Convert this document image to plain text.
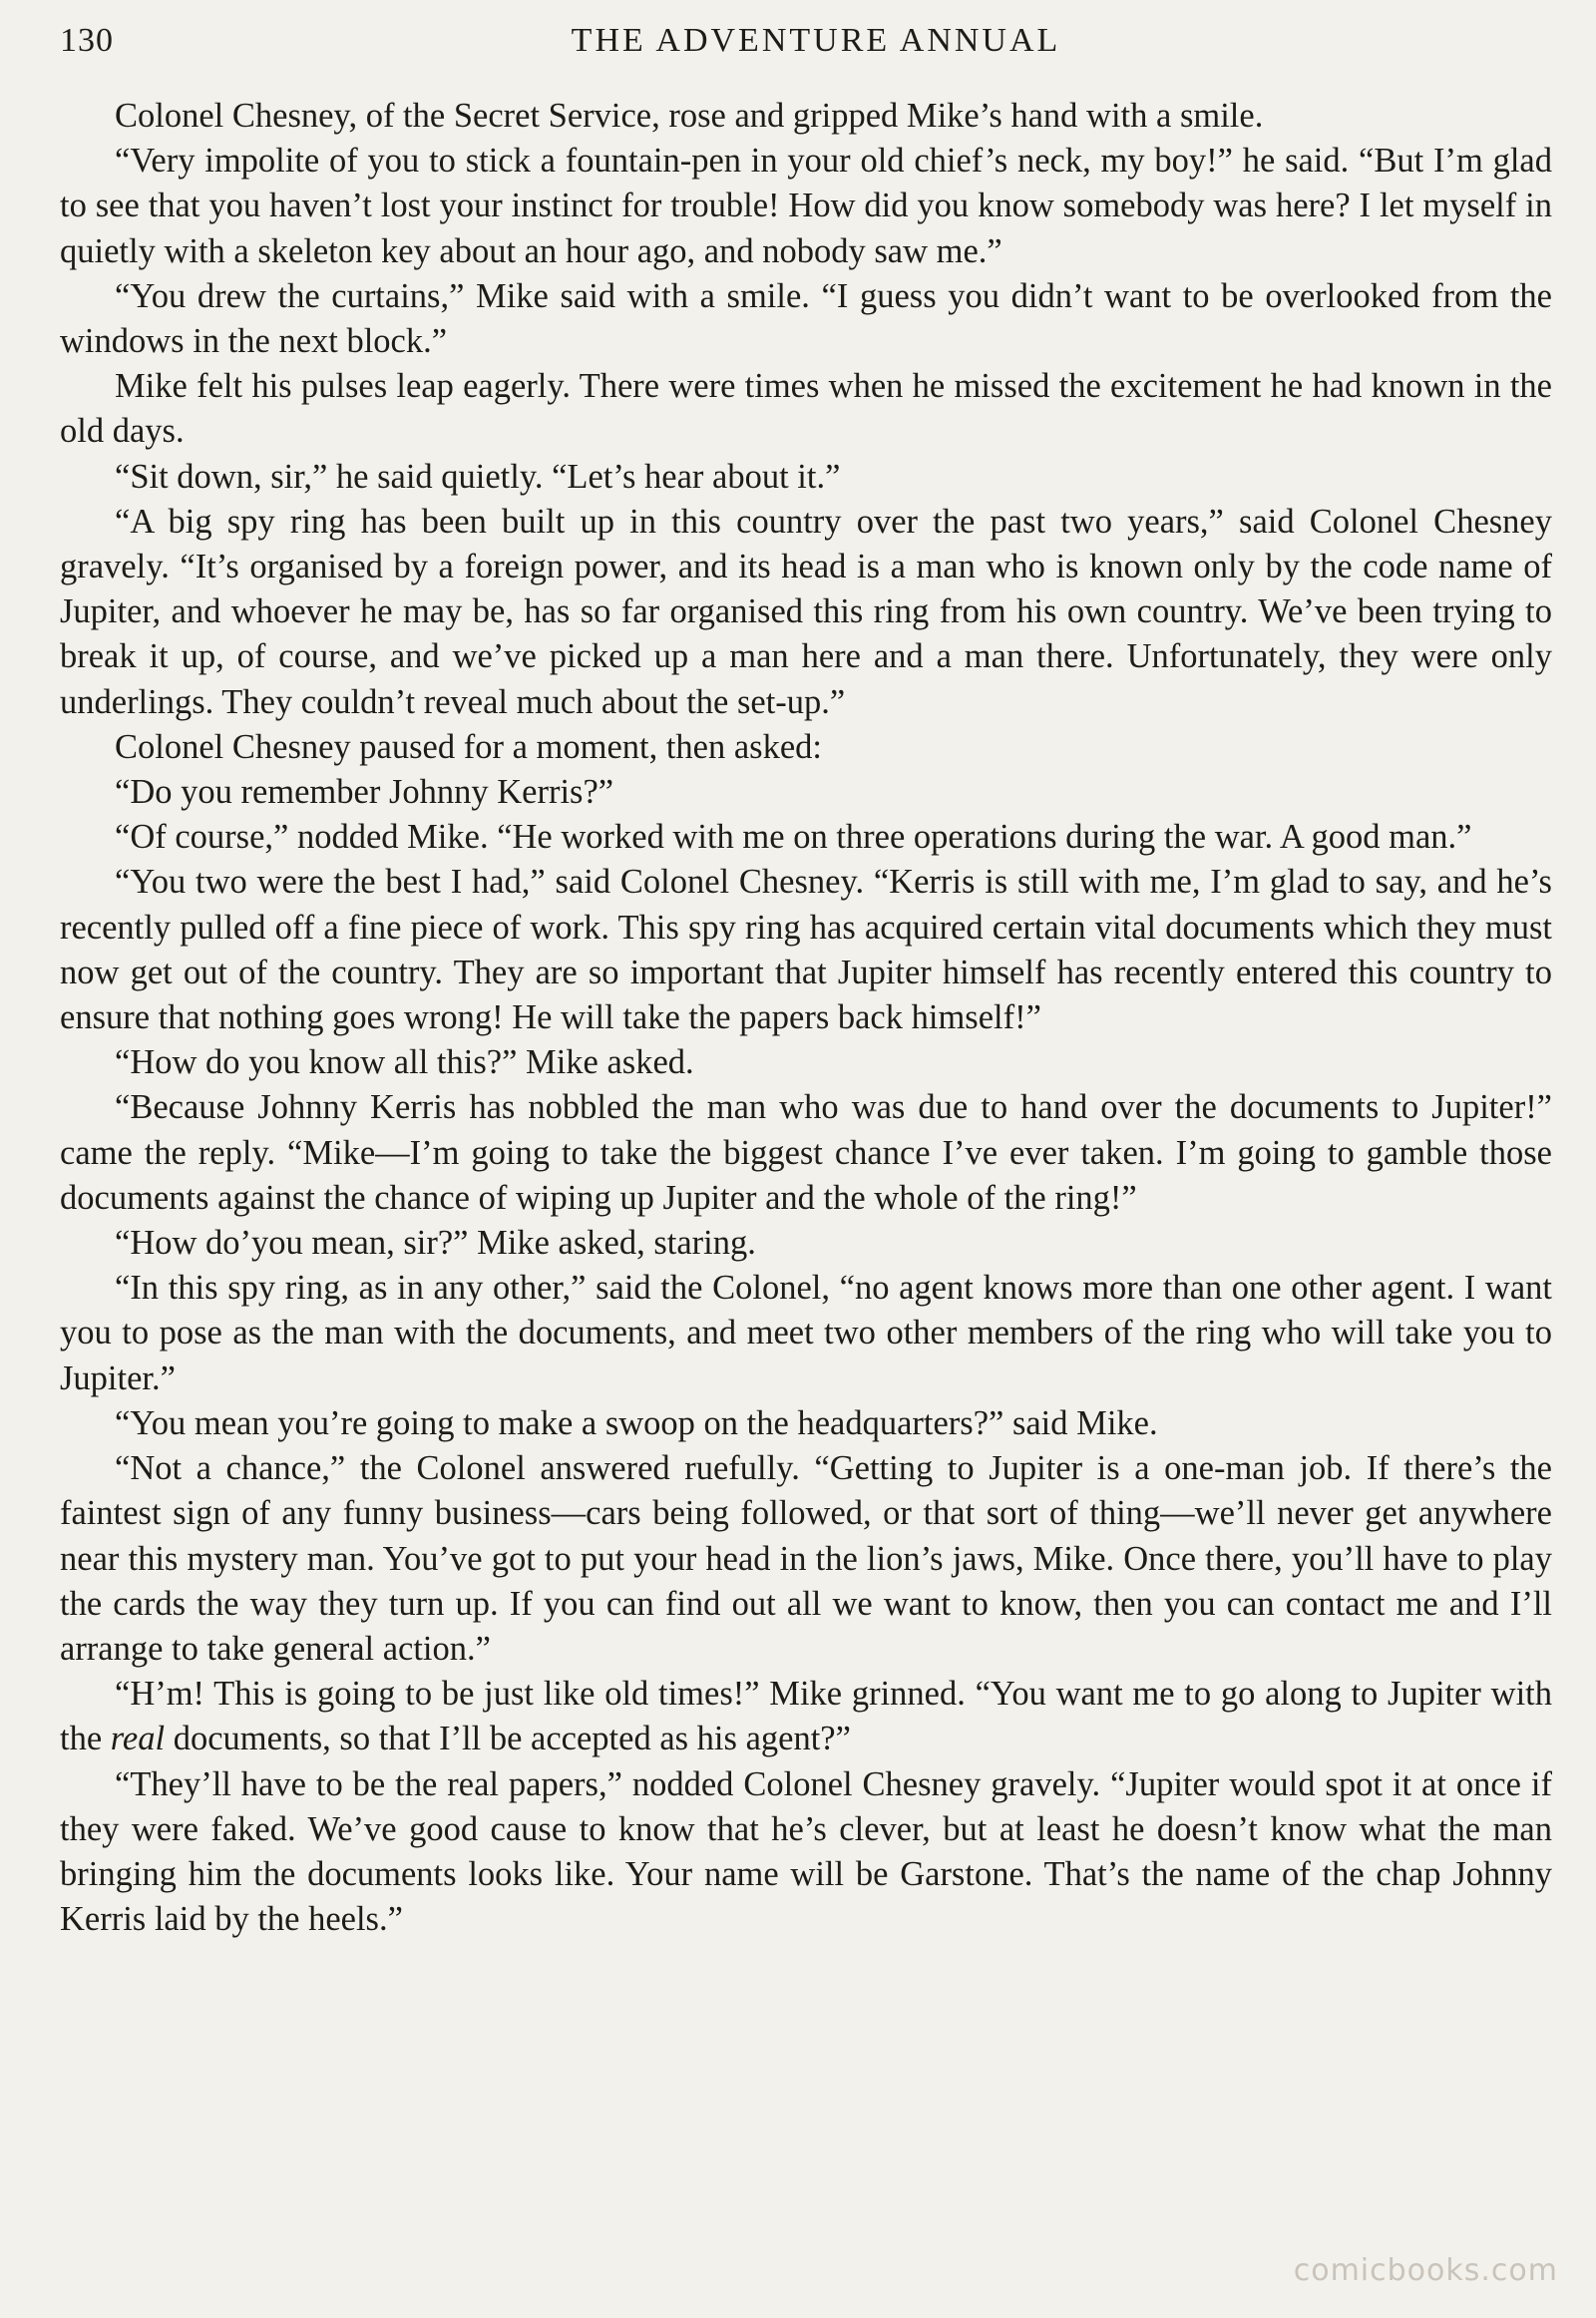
130	THE ADVENTURE ANNUAL

Colonel Chesney, of the Secret Service, rose and gripped Mike’s hand with a smile.

“Very impolite of you to stick a fountain-pen in your old chief’s neck, my boy!” he said. “But I’m glad to see that you haven’t lost your instinct for trouble! How did you know somebody was here? I let myself in quietly with a skeleton key about an hour ago, and nobody saw me.”

“You drew the curtains,” Mike said with a smile. “I guess you didn’t want to be overlooked from the windows in the next block.”

Mike felt his pulses leap eagerly. There were times when he missed the excitement he had known in the old days.

“Sit down, sir,” he said quietly. “Let’s hear about it.”

“A big spy ring has been built up in this country over the past two years,” said Colonel Chesney gravely. “It’s organised by a foreign power, and its head is a man who is known only by the code name of Jupiter, and whoever he may be, has so far organised this ring from his own country. We’ve been trying to break it up, of course, and we’ve picked up a man here and a man there. Unfortunately, they were only underlings. They couldn’t reveal much about the set-up.”

Colonel Chesney paused for a moment, then asked:

“Do you remember Johnny Kerris?”

“Of course,” nodded Mike. “He worked with me on three operations during the war. A good man.”

“You two were the best I had,” said Colonel Chesney. “Kerris is still with me, I’m glad to say, and he’s recently pulled off a fine piece of work. This spy ring has acquired certain vital documents which they must now get out of the country. They are so important that Jupiter himself has recently entered this country to ensure that nothing goes wrong! He will take the papers back himself!”

“How do you know all this?” Mike asked.

“Because Johnny Kerris has nobbled the man who was due to hand over the documents to Jupiter!” came the reply. “Mike—I’m going to take the biggest chance I’ve ever taken. I’m going to gamble those documents against the chance of wiping up Jupiter and the whole of the ring!”

“How do’you mean, sir?” Mike asked, staring.

“In this spy ring, as in any other,” said the Colonel, “no agent knows more than one other agent. I want you to pose as the man with the documents, and meet two other members of the ring who will take you to Jupiter.”

“You mean you’re going to make a swoop on the headquarters?” said Mike.

“Not a chance,” the Colonel answered ruefully. “Getting to Jupiter is a one-man job. If there’s the faintest sign of any funny business—cars being followed, or that sort of thing—we’ll never get anywhere near this mystery man. You’ve got to put your head in the lion’s jaws, Mike. Once there, you’ll have to play the cards the way they turn up. If you can find out all we want to know, then you can contact me and I’ll arrange to take general action.”

“H’m! This is going to be just like old times!” Mike grinned. “You want me to go along to Jupiter with the real documents, so that I’ll be accepted as his agent?”

“They’ll have to be the real papers,” nodded Colonel Chesney gravely. “Jupiter would spot it at once if they were faked. We’ve good cause to know that he’s clever, but at least he doesn’t know what the man bringing him the documents looks like. Your name will be Garstone. That’s the name of the chap Johnny Kerris laid by the heels.”

comicbooks.com
